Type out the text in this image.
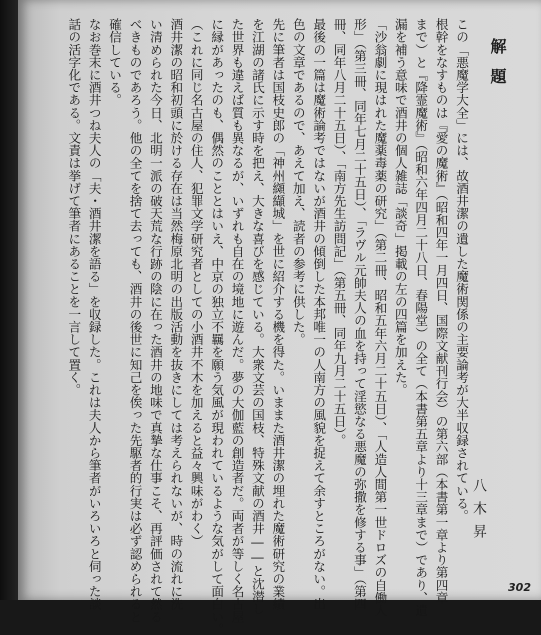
解題
この「悪魔学大全」には、故酒井潔の遺した魔術関係の主要論考が大半収録されている。
根幹をなすものは『愛の魔術』（昭和四年一月四日、国際文献刊行会）の第六部（本書第一章より第四章
まで）と『降霊魔術』（昭和六年四月二十八日、春陽堂）の全て（本書第五章より十三章まで）であり、遺
漏を補う意味で酒井の個人雑誌「談奇」掲載の左の四篇を加えた。
「沙翁劇に現はれた魔薬毒薬の研究」（第二冊、昭和五年六月二十五日）、「人造人間第一世ドロズの自働人
形」（第三冊、同年七月二十五日）、「ラヴル元帥夫人の血を持って淫慾なる悪魔の弥撒を修する事」（第四
冊、同年八月二十五日）、「南方先生訪問記」（第五冊、同年九月二十五日）。
最後の一篇は魔術論考ではないが酒井の傾倒した本邦唯一の人南方の風貌を捉えて余すところがない。出
色の文章であるので、あえて加え、読者の参考に供した。
先に筆者は国枝史郎の「神州纐纈城」を世に紹介する機を得た。いままた酒井潔の埋れた魔術研究の業績
を江湖の諸氏に示す時を把え、大きな喜びを感じている。大衆文芸の国枝、特殊文献の酒井――と沈潜し
た世界も違えば質も異なるが、いずれも自在の境地に遊んだ。夢の大伽藍の創造者だ。両者が等しく名古屋
に縁があったのも、偶然のこととはいえ、中京の独立不羈を願う気風が現われているような気がして面白い。
（これに同じ名古屋の住人、犯罪文学研究者としての小酒井不木を加えると益々興味がわく）
酒井潔の昭和初頭に於ける存在は当然梅原北明の出版活動を抜きにしては考えられないが、時の流れに洗
い清められた今日、北明一派の破天荒な行跡の陰に在った酒井の地味で真摯な仕事こそ、再評価されて然る
べきものであろう。他の全てを捨て去っても、酒井の後世に知己を俟った先駆者的行実は必ず認められると
確信している。
なお巻末に酒井つね夫人の「夫・酒井潔を語る」を収録した。これは夫人から筆者がいろいろと伺った談
話の活字化である。文責は挙げて筆者にあることを一言して置く。
八木昇
302
